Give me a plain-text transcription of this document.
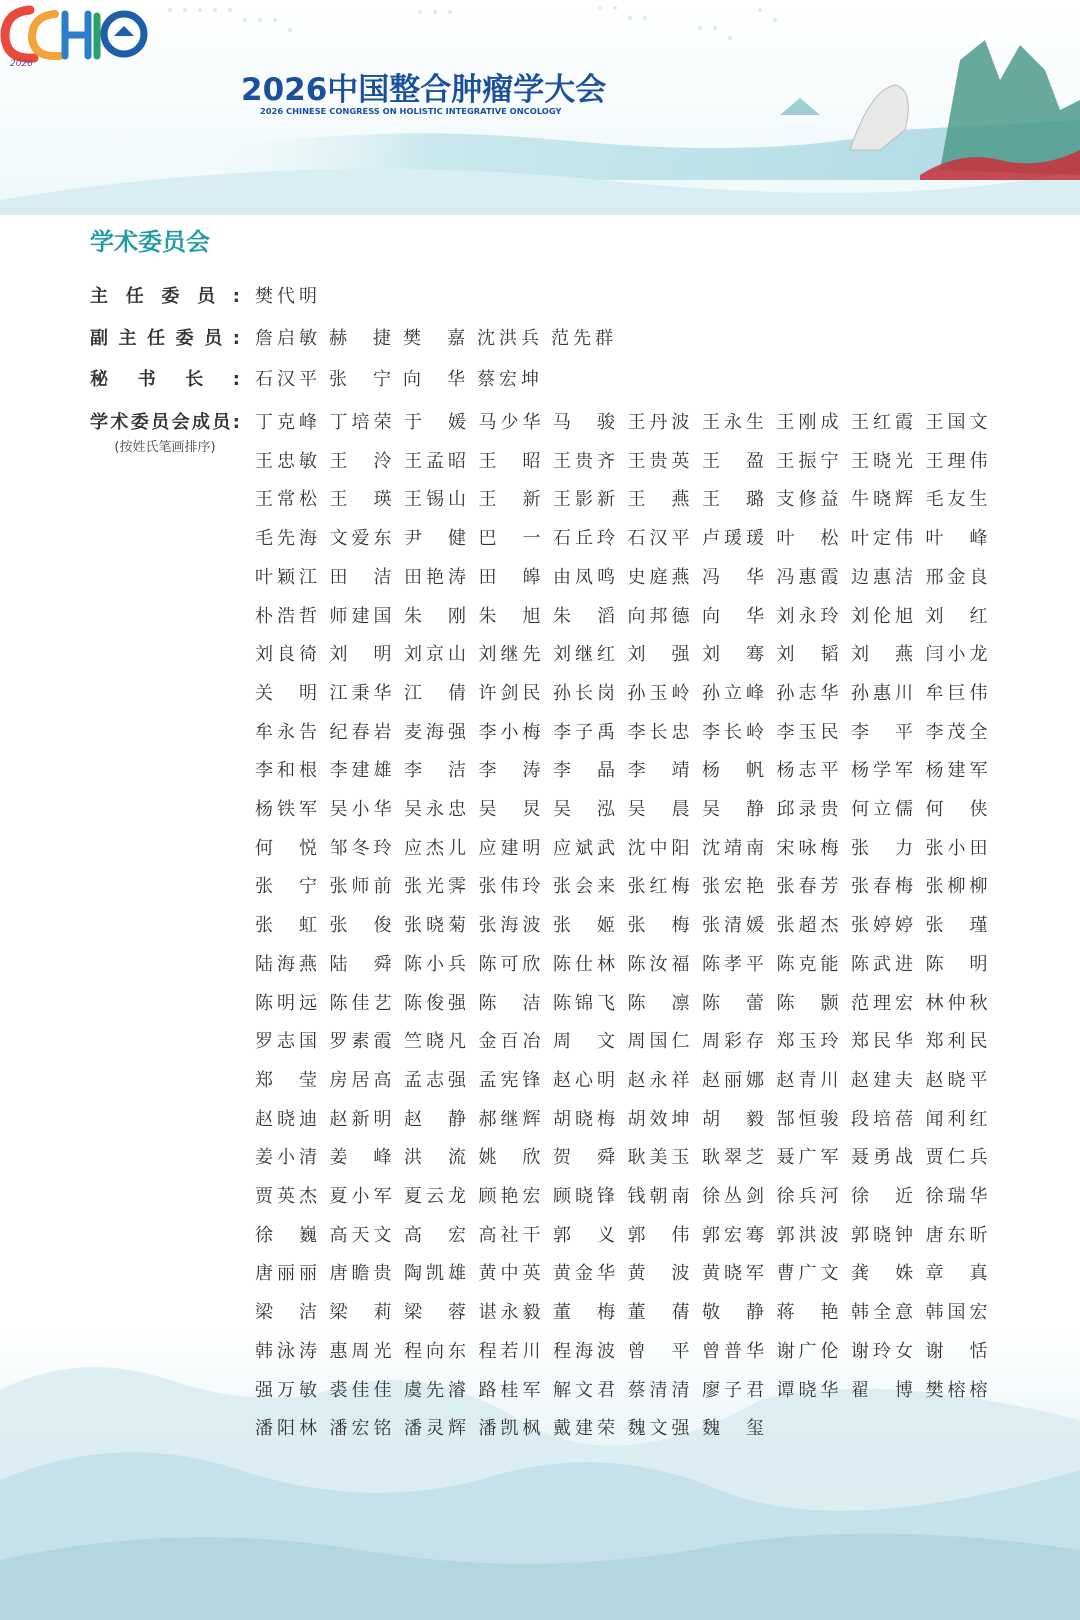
2026
2026中国整合肿瘤学大会
2026 CHINESE CONGRESS ON HOLISTIC INTEGRATIVE ONCOLOGY
学术委员会
主任委员: 樊代明
副主任委员: 詹启敏 赫捷 樊嘉 沈洪兵 范先群
秘书长: 石汉平 张宁 向华 蔡宏坤
学术委员会成员:
(按姓氏笔画排序)
丁克峰 丁培荣 于媛 马少华 马骏 王丹波 王永生 王刚成 王红霞 王国文
王忠敏 王泠 王孟昭 王昭 王贵齐 王贵英 王盈 王振宁 王晓光 王理伟
王常松 王瑛 王锡山 王新 王影新 王燕 王璐 支修益 牛晓辉 毛友生
毛先海 文爱东 尹健 巴一 石丘玲 石汉平 卢瑗瑗 叶松 叶定伟 叶峰
叶颖江 田洁 田艳涛 田皞 由凤鸣 史庭燕 冯华 冯惠霞 边惠洁 邢金良
朴浩哲 师建国 朱刚 朱旭 朱滔 向邦德 向华 刘永玲 刘伦旭 刘红
刘良徛 刘明 刘京山 刘继先 刘继红 刘强 刘骞 刘韬 刘燕 闫小龙
关明 江秉华 江倩 许剑民 孙长岗 孙玉岭 孙立峰 孙志华 孙惠川 牟巨伟
牟永告 纪春岩 麦海强 李小梅 李子禹 李长忠 李长岭 李玉民 李平 李茂全
李和根 李建雄 李洁 李涛 李晶 李靖 杨帆 杨志平 杨学军 杨建军
杨铁军 吴小华 吴永忠 吴炅 吴泓 吴晨 吴静 邱录贵 何立儒 何侠
何悦 邹冬玲 应杰儿 应建明 应斌武 沈中阳 沈靖南 宋咏梅 张力 张小田
张宁 张师前 张光霁 张伟玲 张会来 张红梅 张宏艳 张春芳 张春梅 张柳柳
张虹 张俊 张晓菊 张海波 张姬 张梅 张清媛 张超杰 张婷婷 张瑾
陆海燕 陆舜 陈小兵 陈可欣 陈仕林 陈汝福 陈孝平 陈克能 陈武进 陈明
陈明远 陈佳艺 陈俊强 陈洁 陈锦飞 陈凛 陈蕾 陈颢 范理宏 林仲秋
罗志国 罗素霞 竺晓凡 金百冶 周文 周国仁 周彩存 郑玉玲 郑民华 郑利民
郑莹 房居高 孟志强 孟宪锋 赵心明 赵永祥 赵丽娜 赵青川 赵建夫 赵晓平
赵晓迪 赵新明 赵静 郝继辉 胡晓梅 胡效坤 胡毅 郜恒骏 段培蓓 闻利红
姜小清 姜峰 洪流 姚欣 贺舜 耿美玉 耿翠芝 聂广军 聂勇战 贾仁兵
贾英杰 夏小军 夏云龙 顾艳宏 顾晓锋 钱朝南 徐丛剑 徐兵河 徐近 徐瑞华
徐巍 高天文 高宏 高社干 郭义 郭伟 郭宏骞 郭洪波 郭晓钟 唐东昕
唐丽丽 唐瞻贵 陶凯雄 黄中英 黄金华 黄波 黄晓军 曹广文 龚姝 章真
梁洁 梁莉 梁蓉 谌永毅 董梅 董蒨 敬静 蒋艳 韩全意 韩国宏
韩泳涛 惠周光 程向东 程若川 程海波 曾平 曾普华 谢广伦 谢玲女 谢恬
强万敏 裘佳佳 虞先濬 路桂军 解文君 蔡清清 廖子君 谭晓华 翟博 樊榕榕
潘阳林 潘宏铭 潘灵辉 潘凯枫 戴建荣 魏文强 魏玺
